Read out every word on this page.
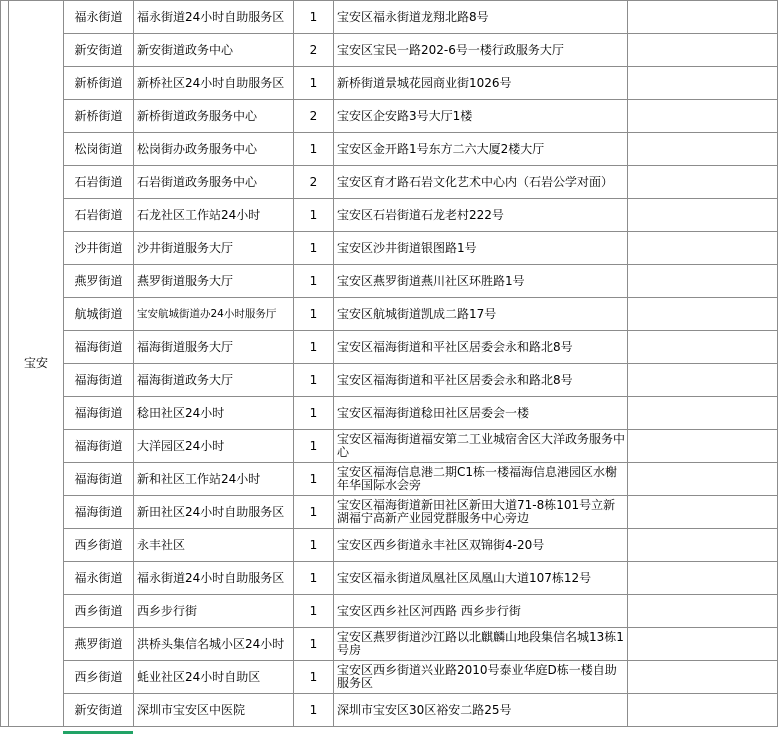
	宝安	福永街道	福永街道24小时自助服务区	1	宝安区福永街道龙翔北路8号	
		新安街道	新安街道政务中心	2	宝安区宝民一路202-6号一楼行政服务大厅	
		新桥街道	新桥社区24小时自助服务区	1	新桥街道景城花园商业街1026号	
		新桥街道	新桥街道政务服务中心	2	宝安区企安路3号大厅1楼	
		松岗街道	松岗街办政务服务中心	1	宝安区金开路1号东方二六大厦2楼大厅	
		石岩街道	石岩街道政务服务中心	2	宝安区育才路石岩文化艺术中心内（石岩公学对面）	
		石岩街道	石龙社区工作站24小时	1	宝安区石岩街道石龙老村222号	
		沙井街道	沙井街道服务大厅	1	宝安区沙井街道银图路1号	
		燕罗街道	燕罗街道服务大厅	1	宝安区燕罗街道燕川社区环胜路1号	
		航城街道	宝安航城街道办24小时服务厅	1	宝安区航城街道凯成二路17号	
		福海街道	福海街道服务大厅	1	宝安区福海街道和平社区居委会永和路北8号	
		福海街道	福海街道政务大厅	1	宝安区福海街道和平社区居委会永和路北8号	
		福海街道	稔田社区24小时	1	宝安区福海街道稔田社区居委会一楼	
		福海街道	大洋园区24小时	1	宝安区福海街道福安第二工业城宿舍区大洋政务服务中心	
		福海街道	新和社区工作站24小时	1	宝安区福海信息港二期C1栋一楼福海信息港园区水榭年华国际水会旁	
		福海街道	新田社区24小时自助服务区	1	宝安区福海街道新田社区新田大道71-8栋101号立新湖福宁高新产业园党群服务中心旁边	
		西乡街道	永丰社区	1	宝安区西乡街道永丰社区双锦街4-20号	
		福永街道	福永街道24小时自助服务区	1	宝安区福永街道凤凰社区凤凰山大道107栋12号	
		西乡街道	西乡步行街	1	宝安区西乡社区河西路 西乡步行街	
		燕罗街道	洪桥头集信名城小区24小时	1	宝安区燕罗街道沙江路以北麒麟山地段集信名城13栋1号房	
		西乡街道	蚝业社区24小时自助区	1	宝安区西乡街道兴业路2010号泰业华庭D栋一楼自助服务区	
		新安街道	深圳市宝安区中医院	1	深圳市宝安区30区裕安二路25号	
